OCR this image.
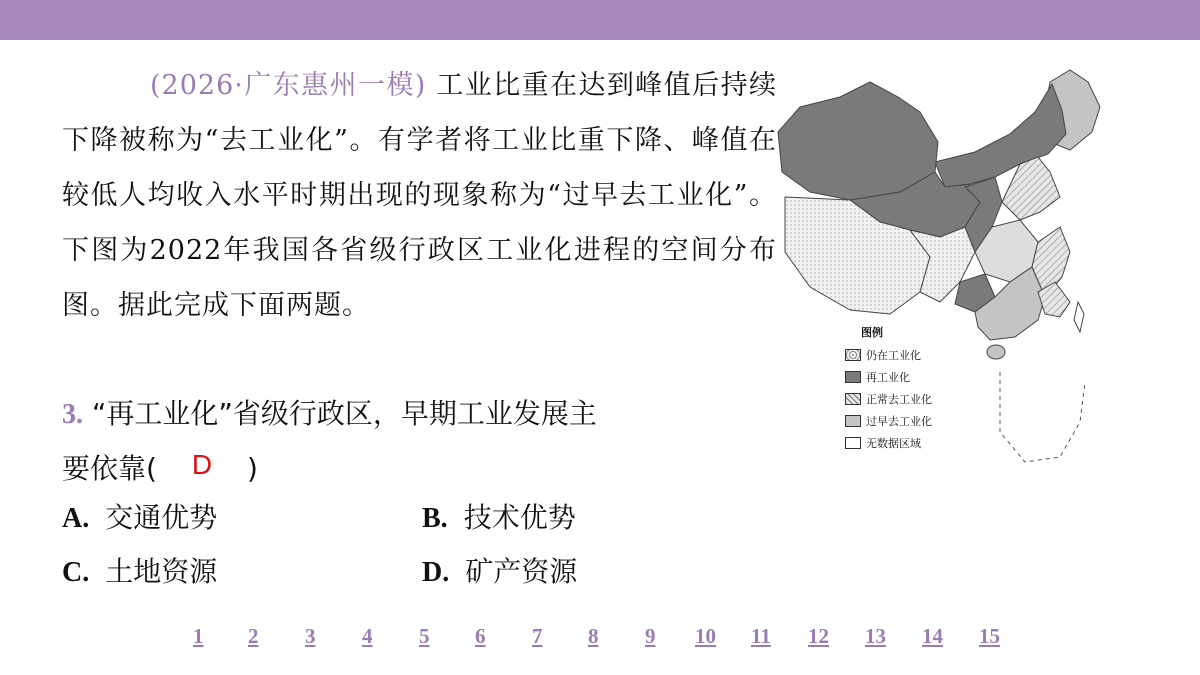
(2026·广东惠州一模) 工业比重在达到峰值后持续下降被称为“去工业化”。有学者将工业比重下降、峰值在较低人均收入水平时期出现的现象称为“过早去工业化”。下图为2022年我国各省级行政区工业化进程的空间分布图。据此完成下面两题。
3. “再工业化”省级行政区，早期工业发展主
要依靠( D )
A. 交通优势	B. 技术优势
C. 土地资源	D. 矿产资源
图例
仍在工业化
再工业化
正常去工业化
过早去工业化
无数据区域
1 2 3 4 5 6 7 8 9 10 11 12 13 14 15
